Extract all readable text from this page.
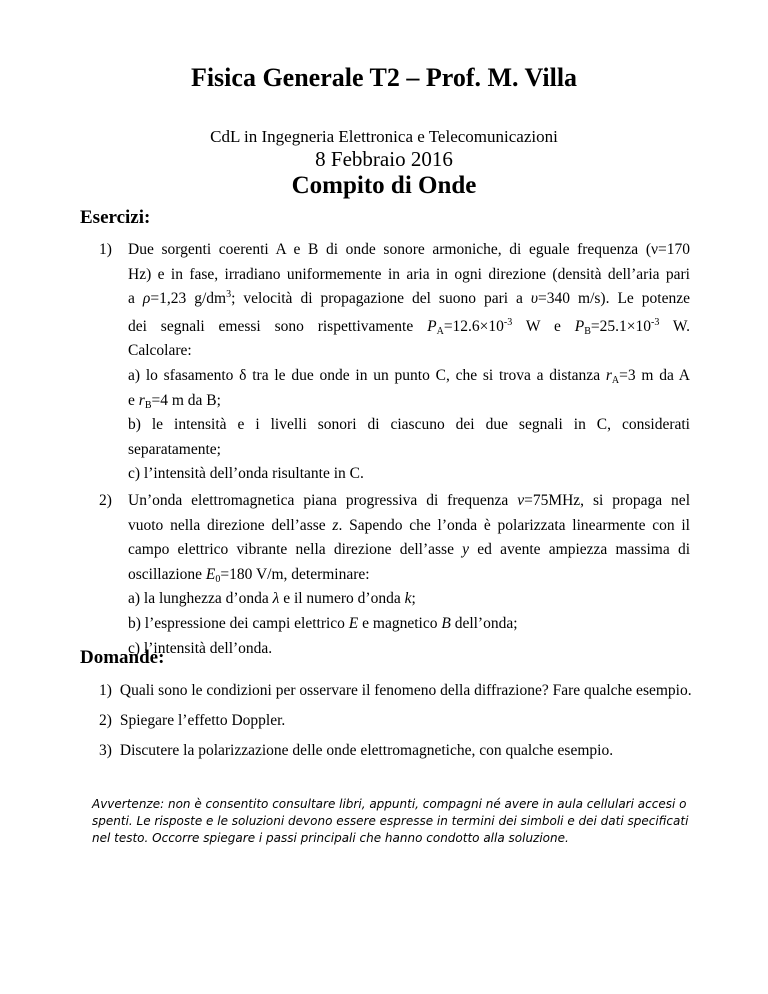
Fisica Generale T2 – Prof. M. Villa
CdL in Ingegneria Elettronica e Telecomunicazioni
8 Febbraio 2016
Compito di Onde
Esercizi:
1) Due sorgenti coerenti A e B di onde sonore armoniche, di eguale frequenza (ν=170
Hz) e in fase, irradiano uniformemente in aria in ogni direzione (densità dell’aria pari
a ρ=1,23 $g/dm^3$; velocità di propagazione del suono pari a υ=340 m/s). Le potenze
dei segnali emessi sono rispettivamente $P_A=12.6\times 10^{-3}$ W e $P_B=25.1\times 10^{-3}$ W.
Calcolare:
a) lo sfasamento δ tra le due onde in un punto C, che si trova a distanza $r_A=3$ m da A
e $r_B=4$ m da B;
b) le intensità e i livelli sonori di ciascuno dei due segnali in C, considerati
separatamente;
c) l’intensità dell’onda risultante in C.
2) Un’onda elettromagnetica piana progressiva di frequenza ν=75MHz, si propaga nel
vuoto nella direzione dell’asse z. Sapendo che l’onda è polarizzata linearmente con il
campo elettrico vibrante nella direzione dell’asse y ed avente ampiezza massima di
oscillazione $E_0=180$ V/m, determinare:
a) la lunghezza d’onda λ e il numero d’onda k;
b) l’espressione dei campi elettrico E e magnetico B dell’onda;
c) l’intensità dell’onda.
Domande:
1) Quali sono le condizioni per osservare il fenomeno della diffrazione? Fare qualche esempio.
2) Spiegare l’effetto Doppler.
3) Discutere la polarizzazione delle onde elettromagnetiche, con qualche esempio.
Avvertenze: non è consentito consultare libri, appunti, compagni né avere in aula cellulari accesi o spenti. Le risposte e le soluzioni devono essere espresse in termini dei simboli e dei dati specificati nel testo. Occorre spiegare i passi principali che hanno condotto alla soluzione.
